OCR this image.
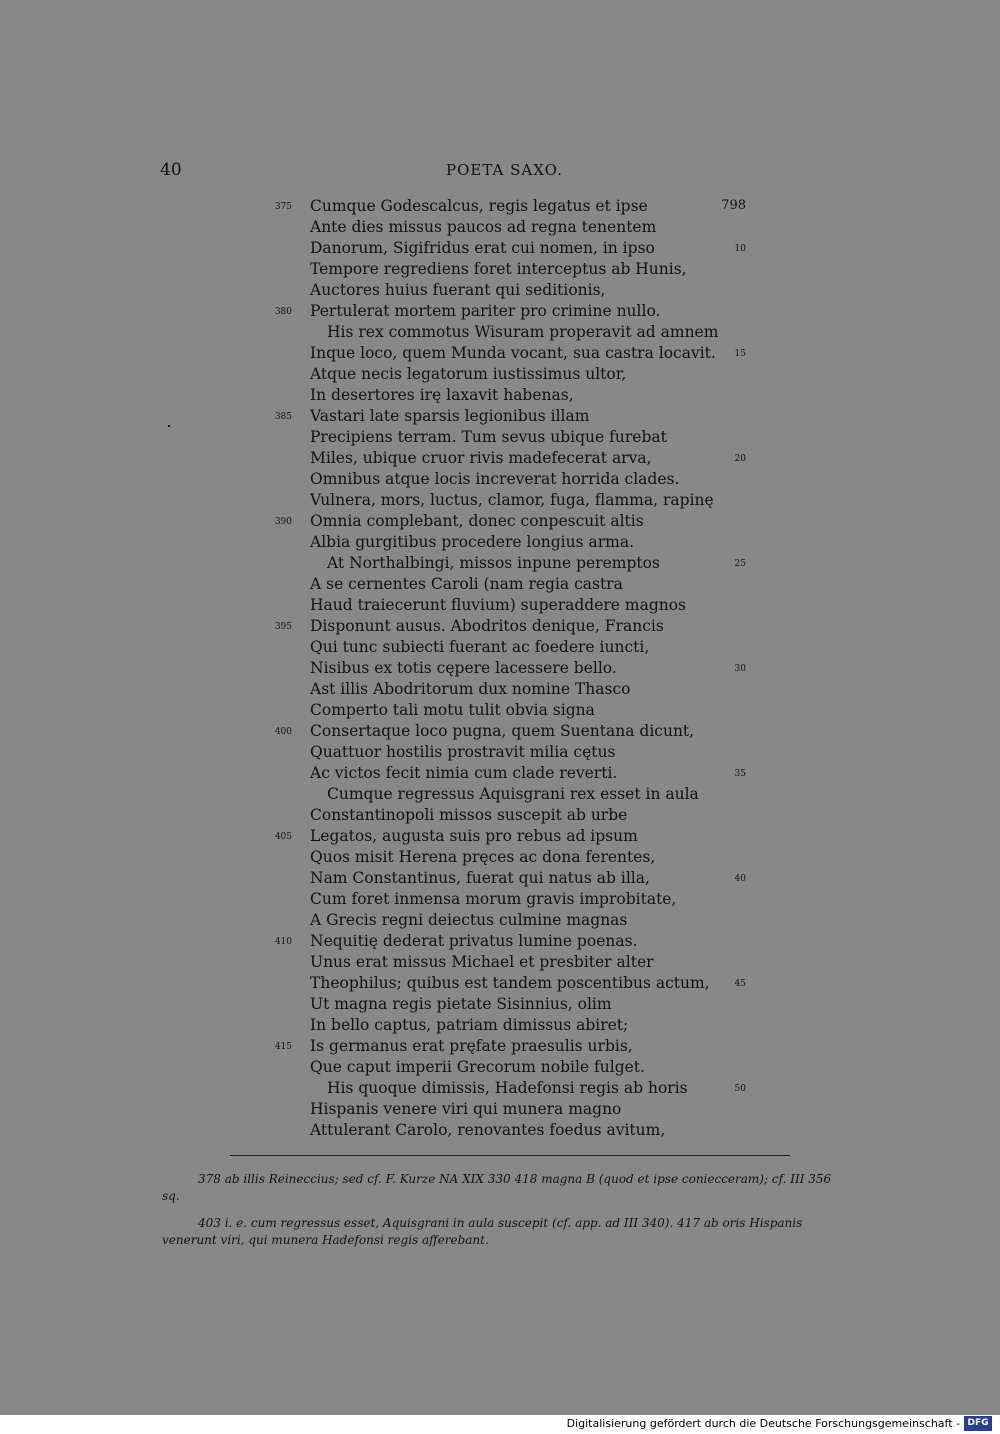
40	POETA SAXO.
375 Cumque Godescalcus, regis legatus et ipse	798
Ante dies missus paucos ad regna tenentem
Danorum, Sigifridus erat cui nomen, in ipso	10
Tempore regrediens foret interceptus ab Hunis,
Auctores huius fuerant qui seditionis,
380 Pertulerat mortem pariter pro crimine nullo.
His rex commotus Wisuram properavit ad amnem
Inque loco, quem Munda vocant, sua castra locavit.	15
Atque necis legatorum iustissimus ultor,
In desertores irę laxavit habenas,
385 Vastari late sparsis legionibus illam
Precipiens terram. Tum sevus ubique furebat
Miles, ubique cruor rivis madefecerat arva,	20
Omnibus atque locis increverat horrida clades.
Vulnera, mors, luctus, clamor, fuga, flamma, rapinę
390 Omnia complebant, donec conpescuit altis
Albia gurgitibus procedere longius arma.
At Northalbingi, missos inpune peremptos	25
A se cernentes Caroli (nam regia castra
Haud traiecerunt fluvium) superaddere magnos
395 Disponunt ausus. Abodritos denique, Francis
Qui tunc subiecti fuerant ac foedere iuncti,
Nisibus ex totis cępere lacessere bello.	30
Ast illis Abodritorum dux nomine Thasco
Comperto tali motu tulit obvia signa
400 Consertaque loco pugna, quem Suentana dicunt,
Quattuor hostilis prostravit milia cętus
Ac victos fecit nimia cum clade reverti.	35
Cumque regressus Aquisgrani rex esset in aula
Constantinopoli missos suscepit ab urbe
405 Legatos, augusta suis pro rebus ad ipsum
Quos misit Herena pręces ac dona ferentes,
Nam Constantinus, fuerat qui natus ab illa,	40
Cum foret inmensa morum gravis improbitate,
A Grecis regni deiectus culmine magnas
410 Nequitię dederat privatus lumine poenas.
Unus erat missus Michael et presbiter alter
Theophilus; quibus est tandem poscentibus actum,	45
Ut magna regis pietate Sisinnius, olim
In bello captus, patriam dimissus abiret;
415 Is germanus erat pręfate praesulis urbis,
Que caput imperii Grecorum nobile fulget.
His quoque dimissis, Hadefonsi regis ab horis	50
Hispanis venere viri qui munera magno
Attulerant Carolo, renovantes foedus avitum,
378 ab illis Reineccius; sed cf. F. Kurze NA XIX 330 418 magna B (quod et ipse coniecceram); cf. III 356 sq.
403 i. e. cum regressus esset, Aquisgrani in aula suscepit (cf. app. ad III 340). 417 ab oris Hispanis venerunt viri, qui munera Hadefonsi regis afferebant.
Digitalisierung gefördert durch die Deutsche Forschungsgemeinschaft - DFG
